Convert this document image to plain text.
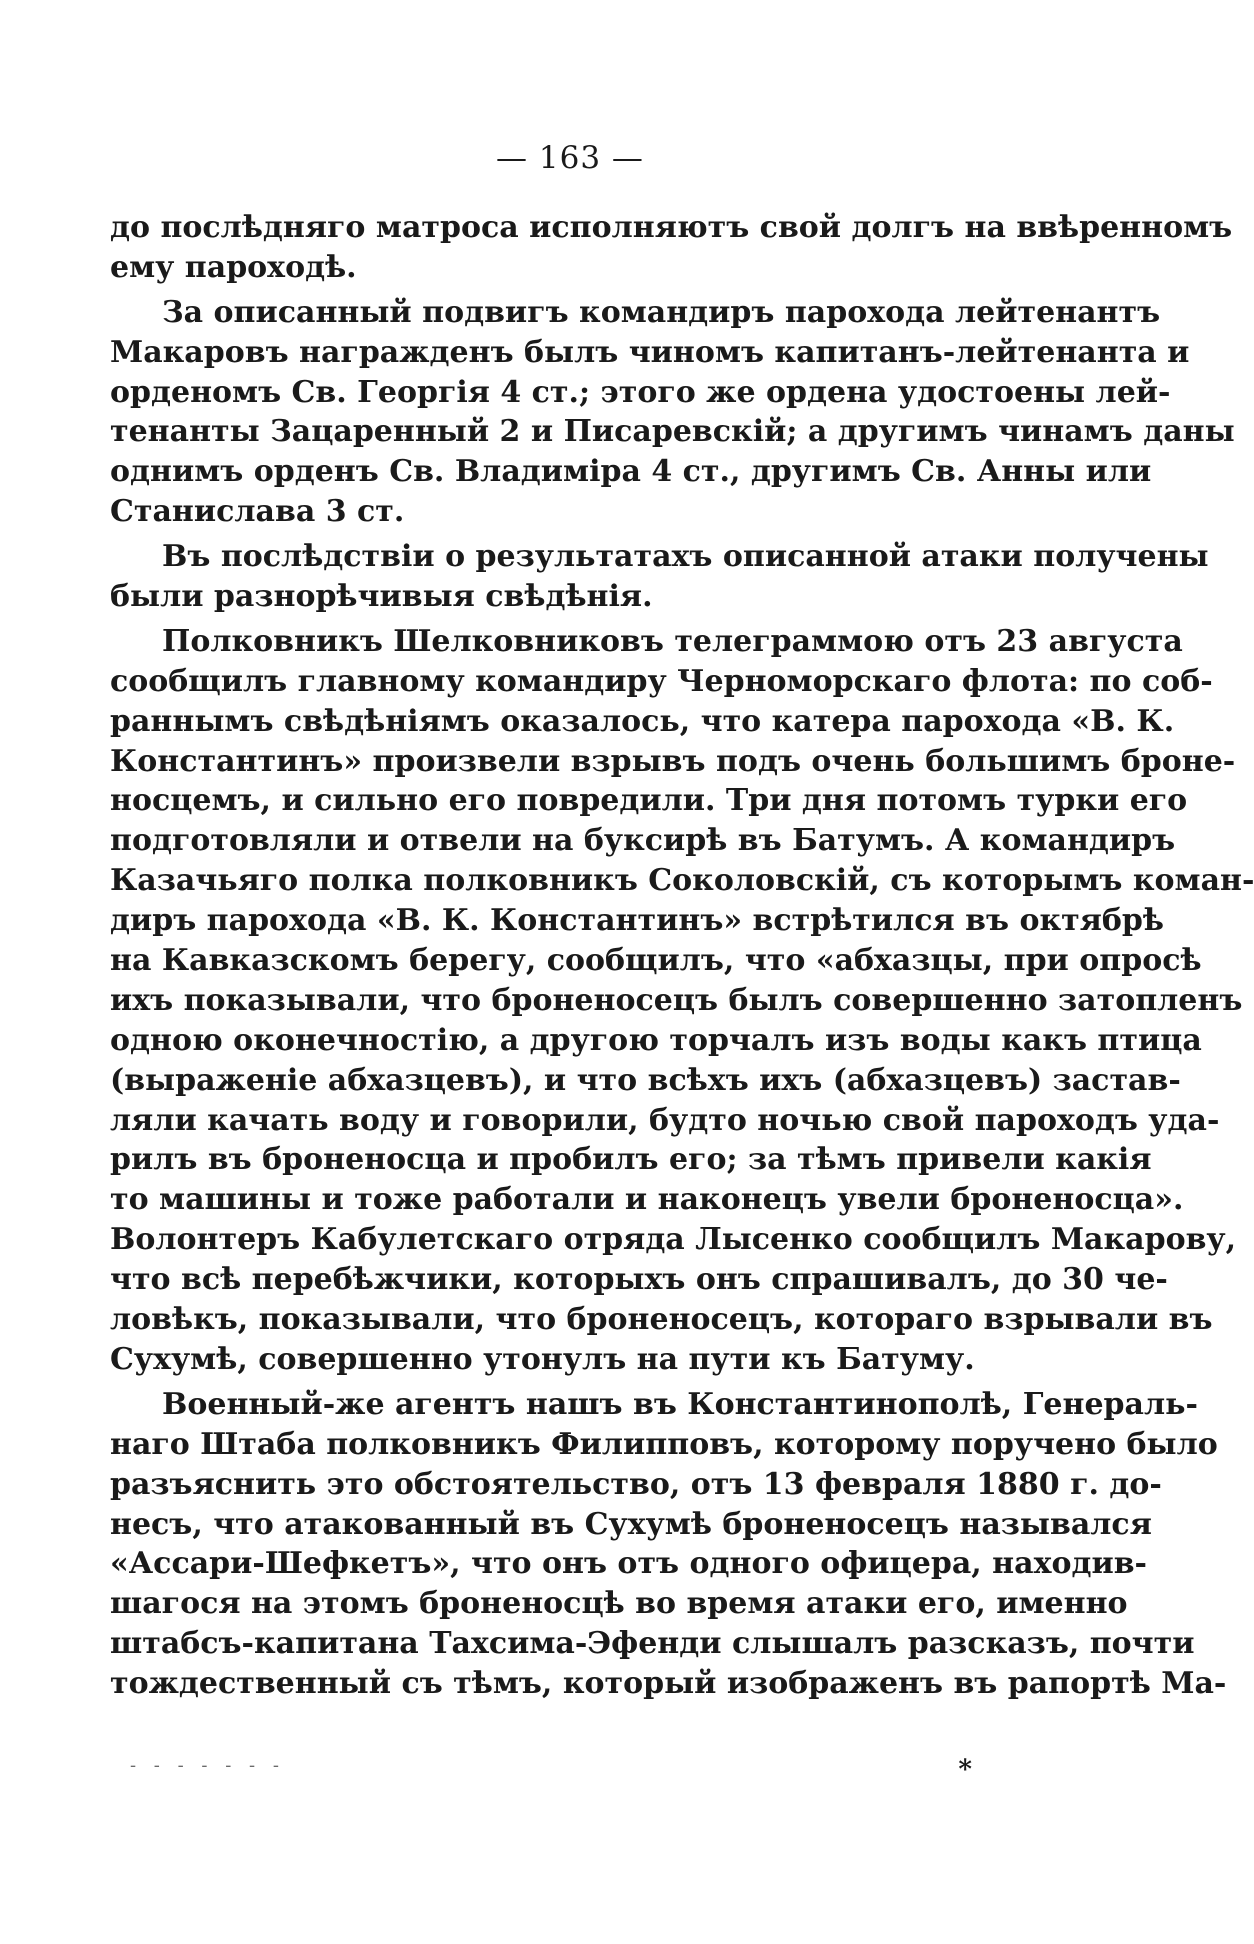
— 163 —
до послѣдняго матроса исполняютъ свой долгъ на ввѣренномъ
ему пароходѣ.
За описанный подвигъ командиръ парохода лейтенантъ
Макаровъ награжденъ былъ чиномъ капитанъ-лейтенанта и
орденомъ Св. Георгія 4 ст.; этого же ордена удостоены лей-
тенанты Зацаренный 2 и Писаревскій; а другимъ чинамъ даны
однимъ орденъ Св. Владиміра 4 ст., другимъ Св. Анны или
Станислава 3 ст.
Въ послѣдствіи о результатахъ описанной атаки получены
были разнорѣчивыя свѣдѣнія.
Полковникъ Шелковниковъ телеграммою отъ 23 августа
сообщилъ главному командиру Черноморскаго флота: по соб-
раннымъ свѣдѣніямъ оказалось, что катера парохода «В. К.
Константинъ» произвели взрывъ подъ очень большимъ броне-
носцемъ, и сильно его повредили. Три дня потомъ турки его
подготовляли и отвели на буксирѣ въ Батумъ. А командиръ
Казачьяго полка полковникъ Соколовскій, съ которымъ коман-
диръ парохода «В. К. Константинъ» встрѣтился въ октябрѣ
на Кавказскомъ берегу, сообщилъ, что «абхазцы, при опросѣ
ихъ показывали, что броненосецъ былъ совершенно затопленъ
одною оконечностію, а другою торчалъ изъ воды какъ птица
(выраженіе абхазцевъ), и что всѣхъ ихъ (абхазцевъ) застав-
ляли качать воду и говорили, будто ночью свой пароходъ уда-
рилъ въ броненосца и пробилъ его; за тѣмъ привели какія
то машины и тоже работали и наконецъ увели броненосца».
Волонтеръ Кабулетскаго отряда Лысенко сообщилъ Макарову,
что всѣ перебѣжчики, которыхъ онъ спрашивалъ, до 30 че-
ловѣкъ, показывали, что броненосецъ, котораго взрывали въ
Сухумѣ, совершенно утонулъ на пути къ Батуму.
Военный-же агентъ нашъ въ Константинополѣ, Генераль-
наго Штаба полковникъ Филипповъ, которому поручено было
разъяснить это обстоятельство, отъ 13 февраля 1880 г. до-
несъ, что атакованный въ Сухумѣ броненосецъ назывался
«Ассари-Шефкетъ», что онъ отъ одного офицера, находив-
шагося на этомъ броненосцѣ во время атаки его, именно
штабсъ-капитана Тахсима-Эфенди слышалъ разсказъ, почти
тождественный съ тѣмъ, который изображенъ въ рапортѣ Ма-
- - - - - - -	*
